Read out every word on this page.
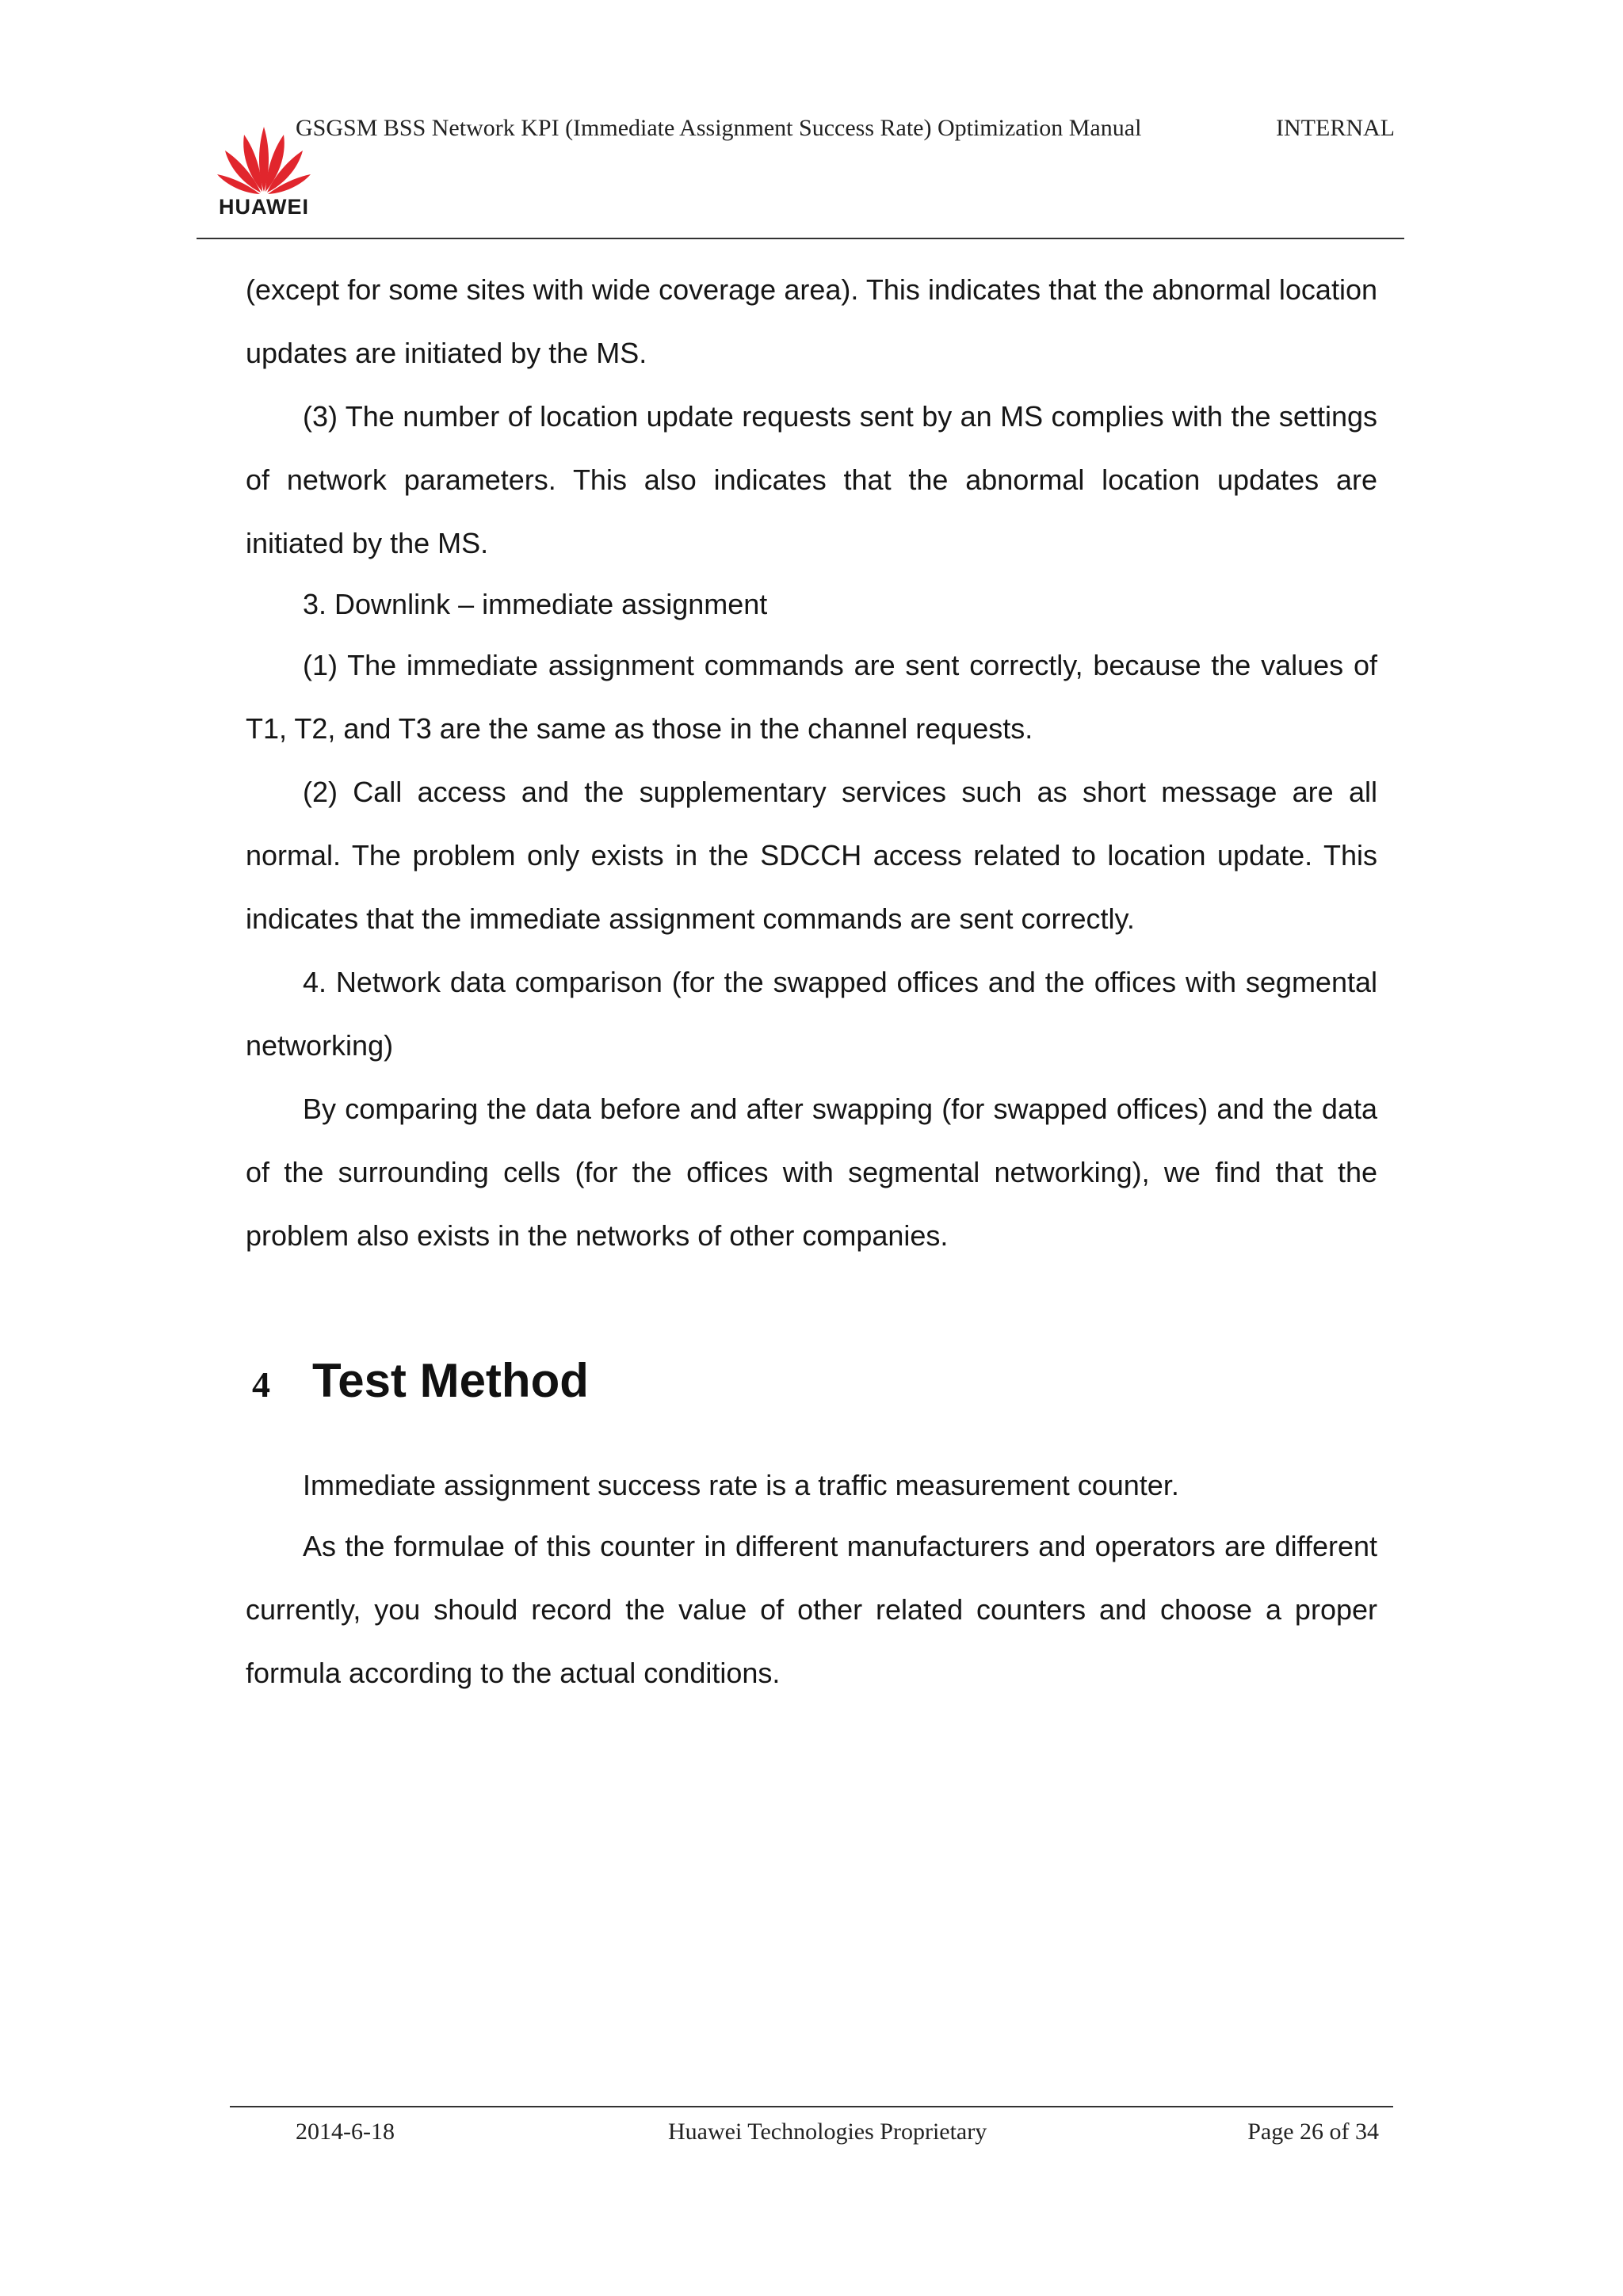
HUAWEI
GSGSM BSS Network KPI (Immediate Assignment Success Rate) Optimization Manual	INTERNAL

(except for some sites with wide coverage area). This indicates that the abnormal location updates are initiated by the MS.

(3) The number of location update requests sent by an MS complies with the settings of network parameters. This also indicates that the abnormal location updates are initiated by the MS.

3. Downlink – immediate assignment

(1) The immediate assignment commands are sent correctly, because the values of T1, T2, and T3 are the same as those in the channel requests.

(2) Call access and the supplementary services such as short message are all normal. The problem only exists in the SDCCH access related to location update. This indicates that the immediate assignment commands are sent correctly.

4. Network data comparison (for the swapped offices and the offices with segmental networking)

By comparing the data before and after swapping (for swapped offices) and the data of the surrounding cells (for the offices with segmental networking), we find that the problem also exists in the networks of other companies.

4 Test Method

Immediate assignment success rate is a traffic measurement counter.

As the formulae of this counter in different manufacturers and operators are different currently, you should record the value of other related counters and choose a proper formula according to the actual conditions.

2014-6-18	Huawei Technologies Proprietary	Page 26 of 34
